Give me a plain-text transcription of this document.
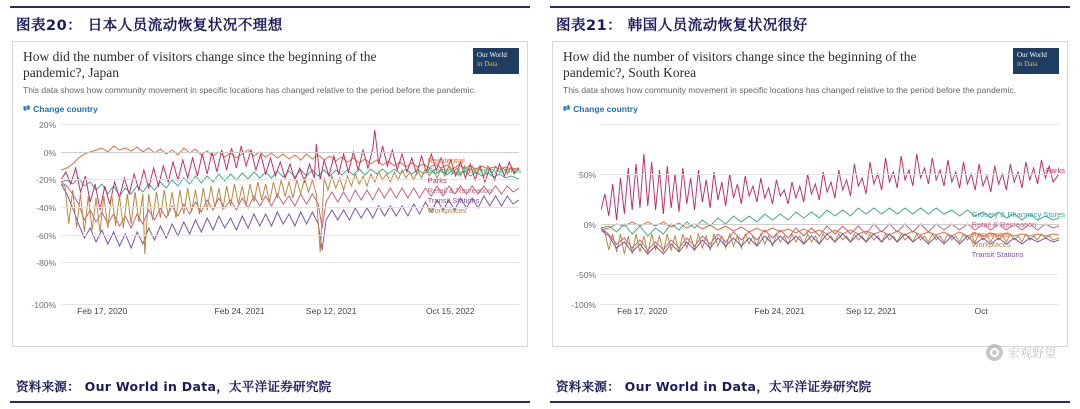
图表20： 日本人员流动恢复状况不理想
Our World
in Data
How did the number of visitors change since the beginning of the pandemic?, Japan
This data shows how community movement in specific locations has changed relative to the period before the pandemic.
⇄ Change country
20%
0%
-20%
-40%
-60%
-80%
-100%
Residential
Grocery & Pharmacy Stores
Parks
Retail & Recreation
Transit Stations
Workplaces
Feb 17, 2020	Feb 24, 2021	Sep 12, 2021	Oct 15, 2022
资料来源： Our World in Data，太平洋证券研究院
图表21： 韩国人员流动恢复状况很好
Our World
in Data
How did the number of visitors change since the beginning of the pandemic?, South Korea
This data shows how community movement in specific locations has changed relative to the period before the pandemic.
⇄ Change country
50%
0%
-50%
-100%
Parks
Grocery & Pharmacy Stores
Retail & Recreation
Residential
Workplaces
Transit Stations
Feb 17, 2020	Feb 24, 2021	Sep 12, 2021	Oct
宏观野望
资料来源： Our World in Data，太平洋证券研究院
